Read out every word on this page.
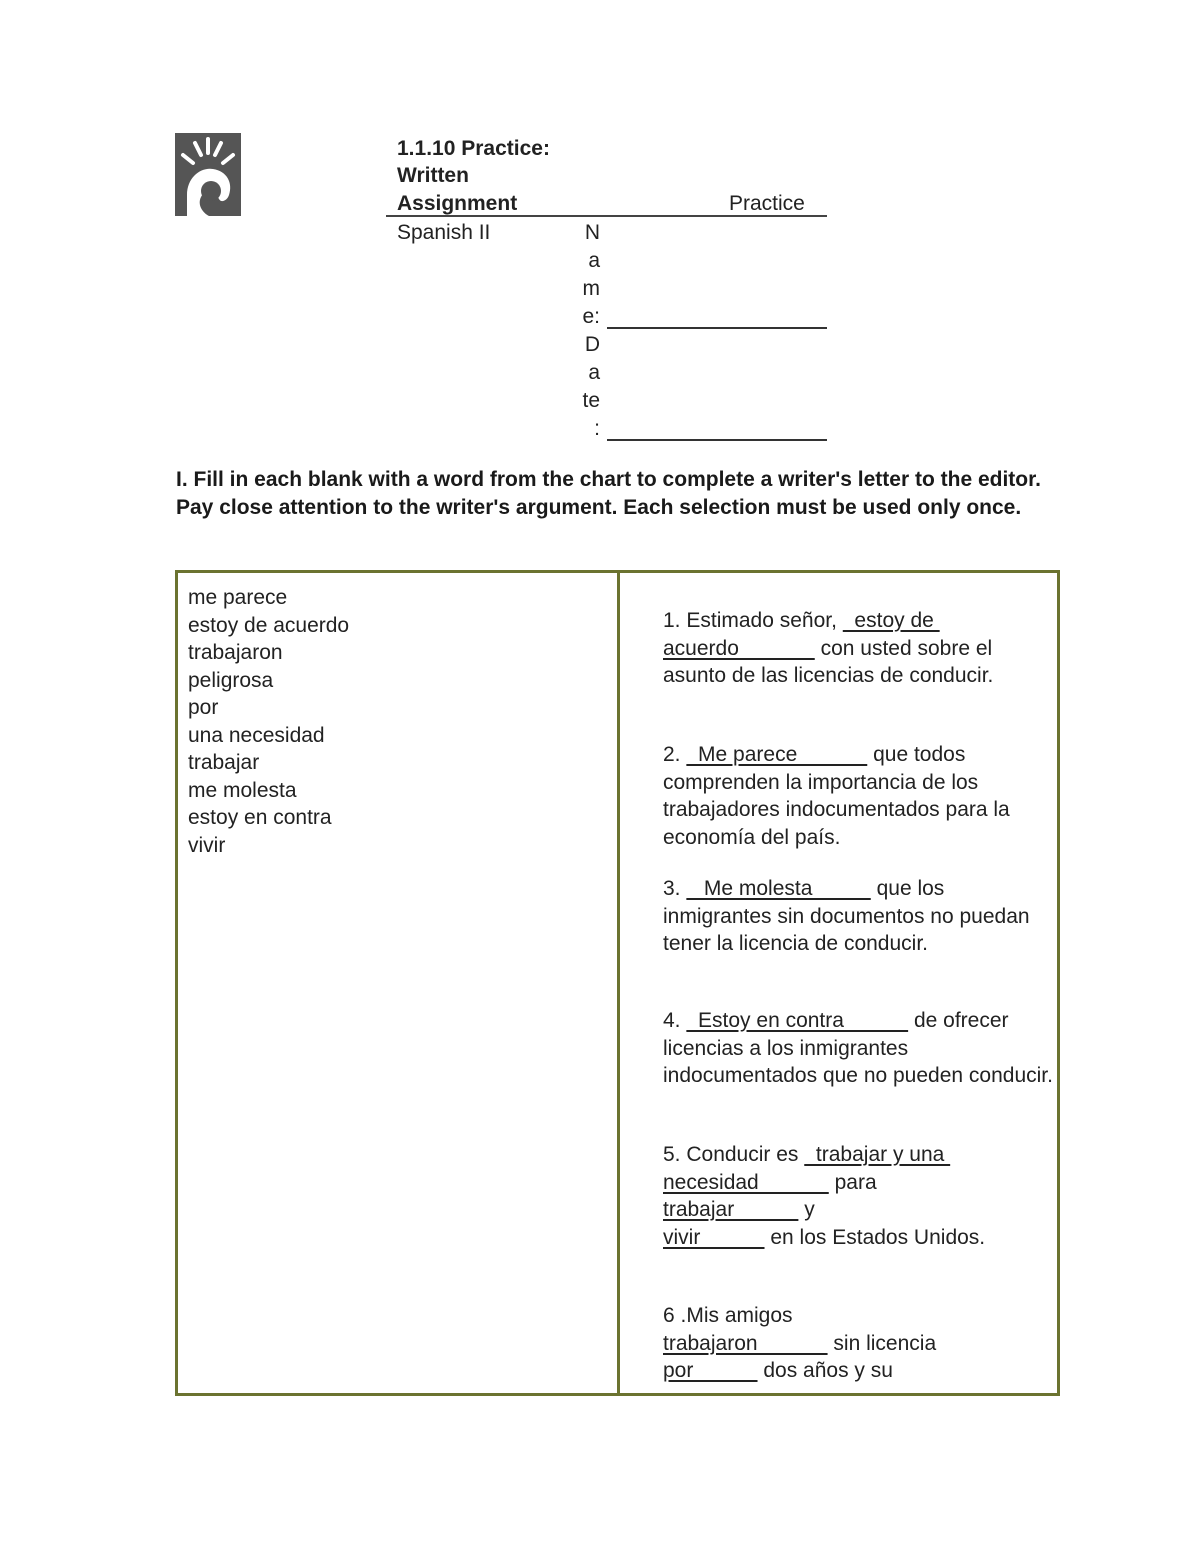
1.1.10 Practice:
Written
Assignment	Practice
Spanish II	N
a
m
e:
D
a
te
:
I. Fill in each blank with a word from the chart to complete a writer's letter to the editor. Pay close attention to the writer's argument. Each selection must be used only once.
me parece
estoy de acuerdo
trabajaron
peligrosa
por
una necesidad
trabajar
me molesta
estoy en contra
vivir
1. Estimado señor,   estoy de
acuerdo              con usted sobre el asunto de las licencias de conducir.
2.   Me parece             que todos comprenden la importancia de los trabajadores indocumentados para la economía del país.
3.    Me molesta           que los inmigrantes sin documentos no puedan tener la licencia de conducir.
4.   Estoy en contra            de ofrecer licencias a los inmigrantes indocumentados que no pueden conducir.
5. Conducir es   trabajar y una
necesidad             para
trabajar            y
vivir            en los Estados Unidos.
6 .Mis amigos
trabajaron             sin licencia
por            dos años y su
